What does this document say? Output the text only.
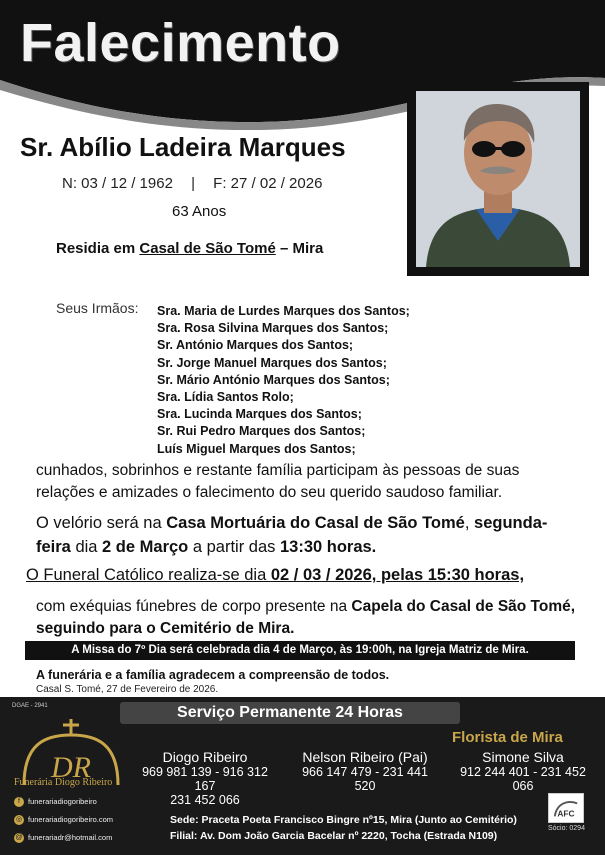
Falecimento
Sr. Abílio Ladeira Marques
N: 03 / 12 / 1962 | F: 27 / 02 / 2026
63 Anos
Residia em Casal de São Tomé – Mira
Seus Irmãos: Sra. Maria de Lurdes Marques dos Santos;
Sra. Rosa Silvina Marques dos Santos;
Sr. António Marques dos Santos;
Sr. Jorge Manuel Marques dos Santos;
Sr. Mário António Marques dos Santos;
Sra. Lídia Santos Rolo;
Sra. Lucinda Marques dos Santos;
Sr. Rui Pedro Marques dos Santos;
Luís Miguel Marques dos Santos;
cunhados, sobrinhos e restante família participam às pessoas de suas relações e amizades o falecimento do seu querido saudoso familiar.
O velório será na Casa Mortuária do Casal de São Tomé, segunda-feira dia 2 de Março a partir das 13:30 horas.
O Funeral Católico realiza-se dia 02 / 03 / 2026, pelas 15:30 horas,
com exéquias fúnebres de corpo presente na Capela do Casal de São Tomé, seguindo para o Cemitério de Mira.
A Missa do 7º Dia será celebrada dia 4 de Março, às 19:00h, na Igreja Matriz de Mira.
A funerária e a família agradecem a compreensão de todos.
Casal S. Tomé, 27 de Fevereiro de 2026.
DGAE - 2941	Serviço Permanente 24 Horas
DR
Funerária Diogo Ribeiro
f funerariadiogoribeiro
◎ funerariadiogoribeiro.com
@ funerariadr@hotmail.com
Florista de Mira
Diogo Ribeiro
969 981 139 - 916 312 167
231 452 066
Nelson Ribeiro (Pai)
966 147 479 - 231 441 520
Simone Silva
912 244 401 - 231 452 066
Sede: Praceta Poeta Francisco Bingre nº15, Mira (Junto ao Cemitério)
Filial: Av. Dom João Garcia Bacelar nº 2220, Tocha (Estrada N109)
AFC
Sócio: 0294
